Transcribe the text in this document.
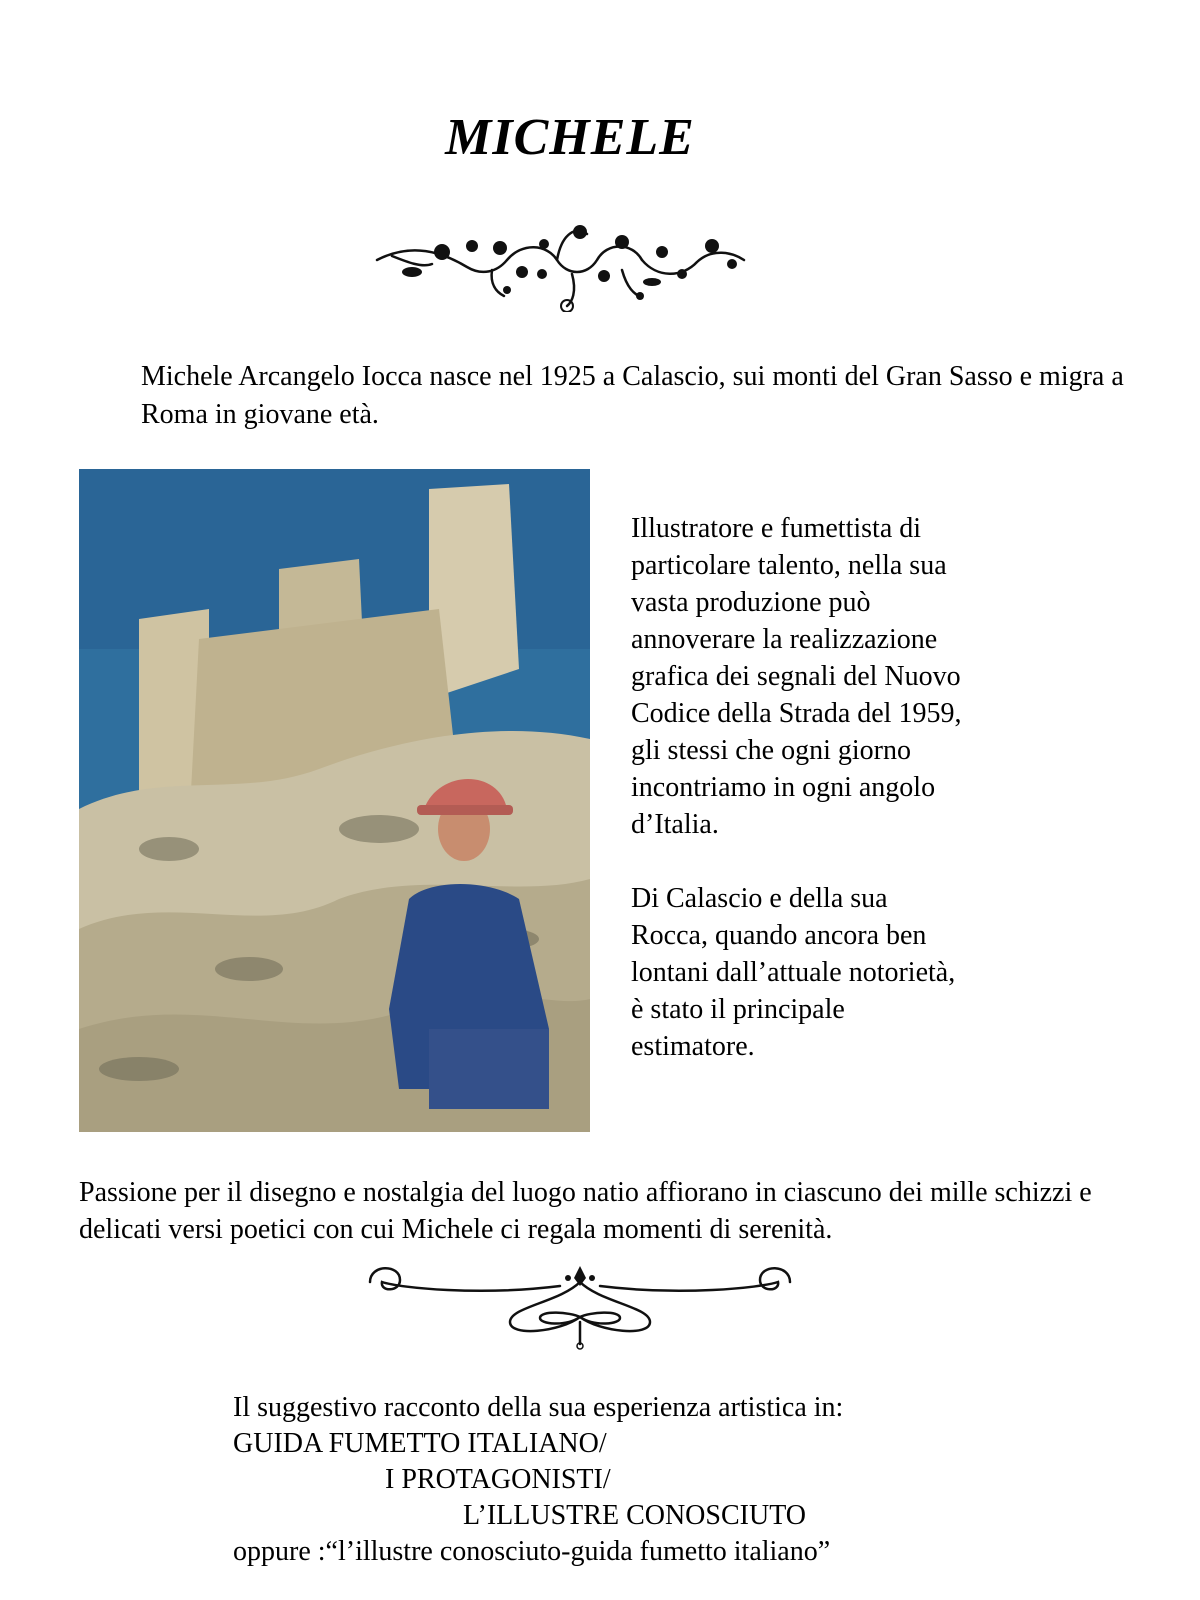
MICHELE
Michele Arcangelo Iocca nasce nel 1925 a Calascio, sui monti del Gran Sasso e migra a Roma in giovane età.

Illustratore e fumettista di
particolare talento, nella sua
vasta produzione può
annoverare la realizzazione
grafica dei segnali del Nuovo
Codice della Strada del 1959,
gli stessi che ogni giorno
incontriamo in ogni angolo
d’Italia.

Di Calascio e della sua
Rocca, quando ancora ben
lontani dall’attuale notorietà,
è stato il principale
estimatore.

Passione per il disegno e nostalgia del luogo natio affiorano in ciascuno dei mille schizzi e delicati versi poetici con cui Michele ci regala momenti di serenità.
Il suggestivo racconto della sua esperienza artistica in:
GUIDA FUMETTO ITALIANO/
I PROTAGONISTI/
L’ILLUSTRE CONOSCIUTO
oppure :“l’illustre conosciuto-guida fumetto italiano”
